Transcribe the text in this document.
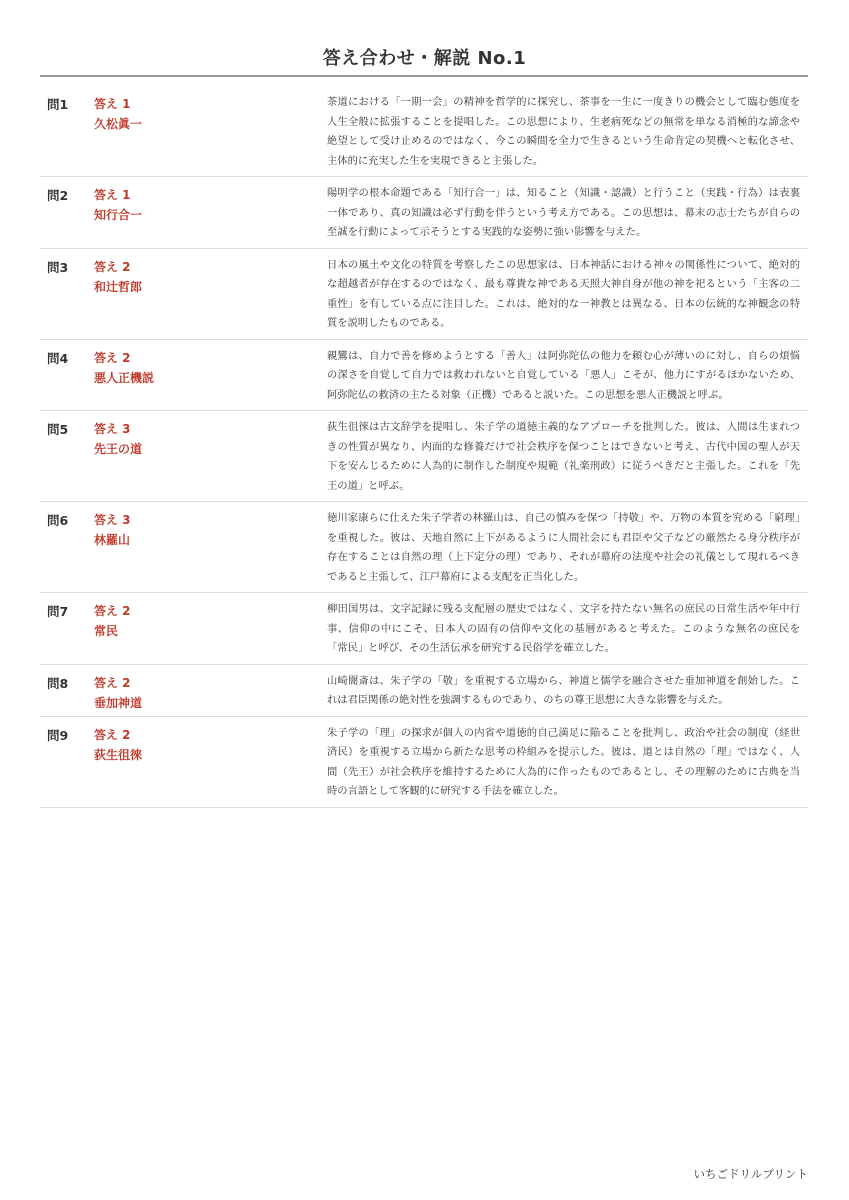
答え合わせ・解説 No.1
問1 答え 1
久松眞一
茶道における「一期一会」の精神を哲学的に探究し、茶事を一生に一度きりの機会として臨む態度を人生全般に拡張することを提唱した。この思想により、生老病死などの無常を単なる消極的な諦念や絶望として受け止めるのではなく、今この瞬間を全力で生きるという生命肯定の契機へと転化させ、主体的に充実した生を実現できると主張した。
問2 答え 1
知行合一
陽明学の根本命題である「知行合一」は、知ること（知識・認識）と行うこと（実践・行為）は表裏一体であり、真の知識は必ず行動を伴うという考え方である。この思想は、幕末の志士たちが自らの至誠を行動によって示そうとする実践的な姿勢に強い影響を与えた。
問3 答え 2
和辻哲郎
日本の風土や文化の特質を考察したこの思想家は、日本神話における神々の関係性について、絶対的な超越者が存在するのではなく、最も尊貴な神である天照大神自身が他の神を祀るという「主客の二重性」を有している点に注目した。これは、絶対的な一神教とは異なる、日本の伝統的な神観念の特質を説明したものである。
問4 答え 2
悪人正機説
親鸞は、自力で善を修めようとする「善人」は阿弥陀仏の他力を頼む心が薄いのに対し、自らの煩悩の深さを自覚して自力では救われないと自覚している「悪人」こそが、他力にすがるほかないため、阿弥陀仏の救済の主たる対象（正機）であると説いた。この思想を悪人正機説と呼ぶ。
問5 答え 3
先王の道
荻生徂徠は古文辞学を提唱し、朱子学の道徳主義的なアプローチを批判した。彼は、人間は生まれつきの性質が異なり、内面的な修養だけで社会秩序を保つことはできないと考え、古代中国の聖人が天下を安んじるために人為的に制作した制度や規範（礼楽刑政）に従うべきだと主張した。これを「先王の道」と呼ぶ。
問6 答え 3
林羅山
徳川家康らに仕えた朱子学者の林羅山は、自己の慎みを保つ「持敬」や、万物の本質を究める「窮理」を重視した。彼は、天地自然に上下があるように人間社会にも君臣や父子などの厳然たる身分秩序が存在することは自然の理（上下定分の理）であり、それが幕府の法度や社会の礼儀として現れるべきであると主張して、江戸幕府による支配を正当化した。
問7 答え 2
常民
柳田国男は、文字記録に残る支配層の歴史ではなく、文字を持たない無名の庶民の日常生活や年中行事、信仰の中にこそ、日本人の固有の信仰や文化の基層があると考えた。このような無名の庶民を「常民」と呼び、その生活伝承を研究する民俗学を確立した。
問8 答え 2
垂加神道
山崎闇斎は、朱子学の「敬」を重視する立場から、神道と儒学を融合させた垂加神道を創始した。これは君臣関係の絶対性を強調するものであり、のちの尊王思想に大きな影響を与えた。
問9 答え 2
荻生徂徠
朱子学の「理」の探求が個人の内省や道徳的自己満足に陥ることを批判し、政治や社会の制度（経世済民）を重視する立場から新たな思考の枠組みを提示した。彼は、道とは自然の「理」ではなく、人間（先王）が社会秩序を維持するために人為的に作ったものであるとし、その理解のために古典を当時の言語として客観的に研究する手法を確立した。
いちごドリルプリント
